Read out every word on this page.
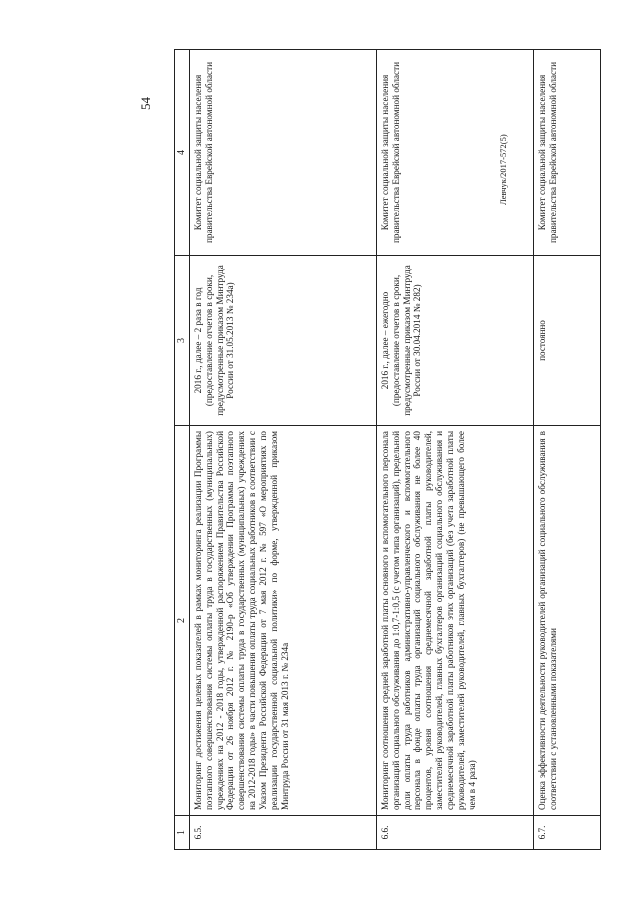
54
1	2	3	4
6.5.	Мониторинг достижения целевых показателей в рамках мониторинга реализации Программы поэтапного совершенствования системы оплаты труда в государственных (муниципальных) учреждениях на 2012 - 2018 годы, утвержденной распоряжением Правительства Российской Федерации от 26 ноября 2012 г. № 2190-р «Об утверждении Программы поэтапного совершенствования системы оплаты труда в государственных (муниципальных) учреждениях на 2012-2018 годы» в части повышения оплаты труда социальных работников в соответствии с Указом Президента Российской Федерации от 7 мая 2012 г. № 597 «О мероприятиях по реализации государственной социальной политики» по форме, утвержденной приказом Минтруда России от 31 мая 2013 г. № 234а	2016 г., далее – 2 раза в год (предоставление отчетов в сроки, предусмотренные приказом Минтруда России от 31.05.2013 № 234а)	Комитет социальной защиты населения правительства Еврейской автономной области
6.6.	Мониторинг соотношения средней заработной платы основного и вспомогательного персонала организаций социального обслуживания до 1:0,7-1:0,5 (с учетом типа организаций), предельной доли оплаты труда работников административно-управленческого и вспомогательного персонала в фонде оплаты труда организаций социального обслуживания не более 40 процентов, уровня соотношения среднемесячной заработной платы руководителей, заместителей руководителей, главных бухгалтеров организаций социального обслуживания и среднемесячной заработной платы работников этих организаций (без учета заработной платы руководителей, заместителей руководителей, главных бухгалтеров) (не превышающего более чем в 4 раза)	2016 г., далее – ежегодно (предоставление отчетов в сроки, предусмотренные приказом Минтруда России от 30.04.2014 № 282)	Комитет социальной защиты населения правительства Еврейской автономной области
6.7.	Оценка эффективности деятельности руководителей организаций социального обслуживания в соответствии с установленными показателями	постоянно	Комитет социальной защиты населения правительства Еврейской автономной области
Левчук/2017-572(5)
